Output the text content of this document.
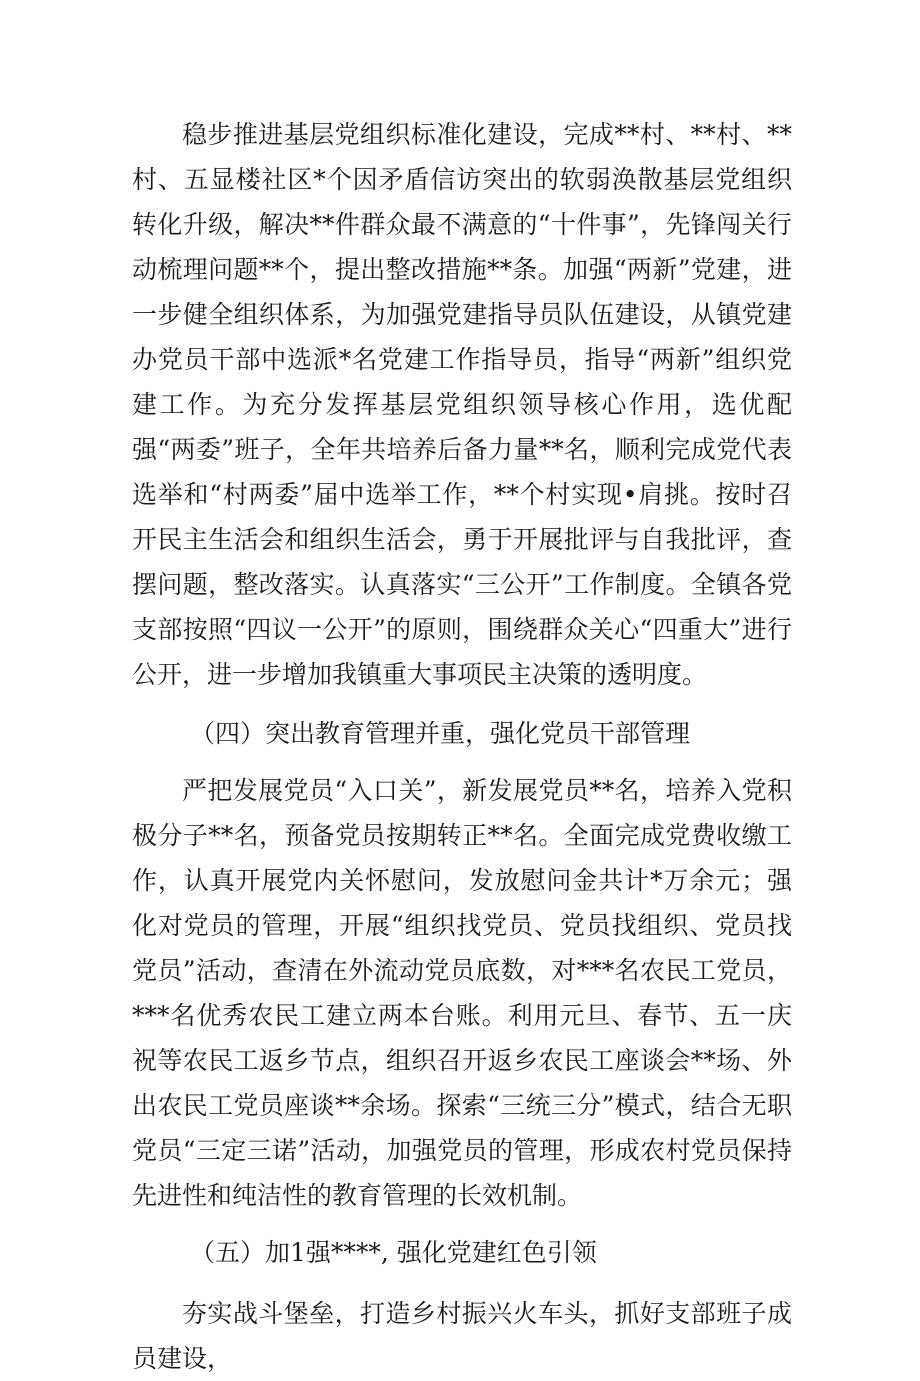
稳步推进基层党组织标准化建设，完成**村、**村、**村、五显楼社区*个因矛盾信访突出的软弱涣散基层党组织转化升级，解决**件群众最不满意的“十件事”，先锋闯关行动梳理问题**个，提出整改措施**条。加强“两新”党建，进一步健全组织体系，为加强党建指导员队伍建设，从镇党建办党员干部中选派*名党建工作指导员，指导“两新”组织党建工作。为充分发挥基层党组织领导核心作用，选优配强“两委”班子，全年共培养后备力量**名，顺利完成党代表选举和“村两委”届中选举工作，**个村实现•肩挑。按时召开民主生活会和组织生活会，勇于开展批评与自我批评，查摆问题，整改落实。认真落实“三公开”工作制度。全镇各党支部按照“四议一公开”的原则，围绕群众关心“四重大”进行公开，进一步增加我镇重大事项民主决策的透明度。

（四）突出教育管理并重，强化党员干部管理

严把发展党员“入口关”，新发展党员**名，培养入党积极分子**名，预备党员按期转正**名。全面完成党费收缴工作，认真开展党内关怀慰问，发放慰问金共计*万余元；强化对党员的管理，开展“组织找党员、党员找组织、党员找党员”活动，查清在外流动党员底数，对***名农民工党员，***名优秀农民工建立两本台账。利用元旦、春节、五一庆祝等农民工返乡节点，组织召开返乡农民工座谈会**场、外出农民工党员座谈**余场。探索“三统三分”模式，结合无职党员“三定三诺”活动，加强党员的管理，形成农村党员保持先进性和纯洁性的教育管理的长效机制。

（五）加1强****, 强化党建红色引领

夯实战斗堡垒，打造乡村振兴火车头，抓好支部班子成员建设，
